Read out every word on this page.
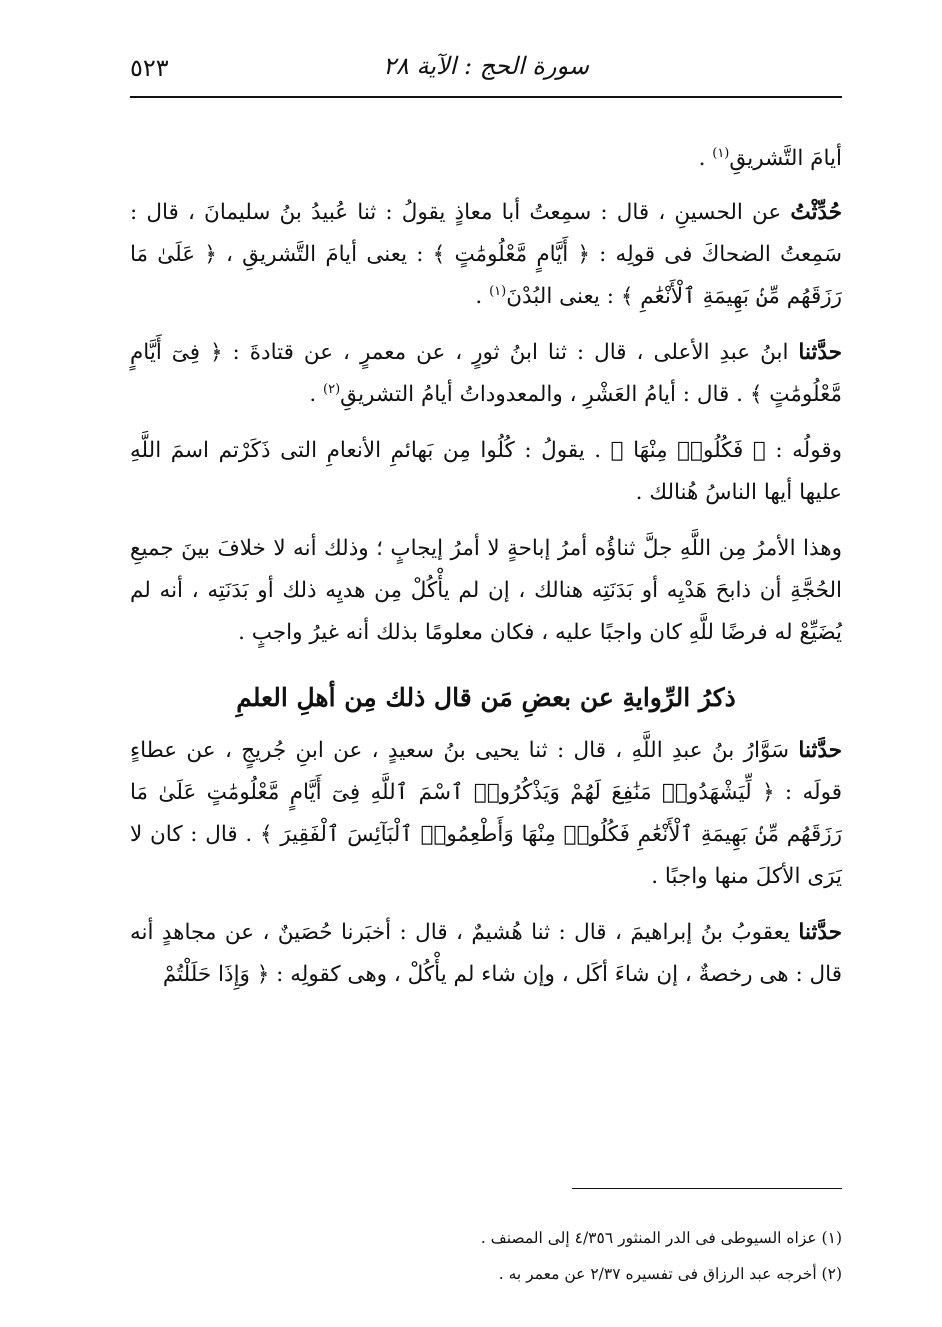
سورة الحج : الآية ٢٨
٥٢٣

أيامَ التَّشريقِ$^{(١)}$ .

حُدِّثْتُ عن الحسينِ ، قال : سمِعتُ أبا معاذٍ يقولُ : ثنا عُبيدُ بنُ سليمانَ ، قال : سَمِعتُ الضحاكَ فى قولِه : ﴿ أَيَّامٍ مَّعْلُومَٰتٍ ﴾ : يعنى أيامَ التَّشريقِ ، ﴿ عَلَىٰ مَا رَزَقَهُم مِّنۢ بَهِيمَةِ ٱلْأَنْعَٰمِ ﴾ : يعنى البُدْنَ$^{(١)}$ .

حدَّثنا ابنُ عبدِ الأعلى ، قال : ثنا ابنُ ثورٍ ، عن معمرٍ ، عن قتادةَ : ﴿ فِىٓ أَيَّامٍ مَّعْلُومَٰتٍ ﴾ . قال : أيامُ العَشْرِ ، والمعدوداتُ أيامُ التشريقِ$^{(٢)}$ .

وقولُه : ﴿ فَكُلُوا۟ مِنْهَا ﴾ . يقولُ : كُلُوا مِن بَهائمِ الأنعامِ التى ذَكَرْتم اسمَ اللَّهِ عليها أيها الناسُ هُنالك .

وهذا الأمرُ مِن اللَّهِ جلَّ ثناؤُه أمرُ إباحةٍ لا أمرُ إيجابٍ ؛ وذلك أنه لا خلافَ بينَ جميعِ الحُجَّةِ أن ذابحَ هَدْيِه أو بَدَنَتِه هنالك ، إن لم يأْكُلْ مِن هديِه ذلك أو بَدَنَتِه ، أنه لم يُضَيِّعْ له فرضًا للَّهِ كان واجبًا عليه ، فكان معلومًا بذلك أنه غيرُ واجبٍ .

ذكرُ الرِّوايةِ عن بعضِ مَن قال ذلك مِن أهلِ العلمِ

حدَّثنا سَوَّارُ بنُ عبدِ اللَّهِ ، قال : ثنا يحيى بنُ سعيدٍ ، عن ابنِ جُريجٍ ، عن عطاءٍ قولَه : ﴿ لِّيَشْهَدُوا۟ مَنَٰفِعَ لَهُمْ وَيَذْكُرُوا۟ ٱسْمَ ٱللَّهِ فِىٓ أَيَّامٍ مَّعْلُومَٰتٍ عَلَىٰ مَا رَزَقَهُم مِّنۢ بَهِيمَةِ ٱلْأَنْعَٰمِ فَكُلُوا۟ مِنْهَا وَأَطْعِمُوا۟ ٱلْبَآئِسَ ٱلْفَقِيرَ ﴾ . قال : كان لا يَرَى الأكلَ منها واجبًا .

حدَّثنا يعقوبُ بنُ إبراهيمَ ، قال : ثنا هُشيمٌ ، قال : أخبَرنا حُصَينٌ ، عن مجاهدٍ أنه قال : هى رخصةٌ ، إن شاءَ أكَل ، وإن شاء لم يأْكُلْ ، وهى كقولِه : ﴿ وَإِذَا حَلَلْتُمْ

(١) عزاه السيوطى فى الدر المنثور ٤/٣٥٦ إلى المصنف .

(٢) أخرجه عبد الرزاق فى تفسيره ٢/٣٧ عن معمر به .
